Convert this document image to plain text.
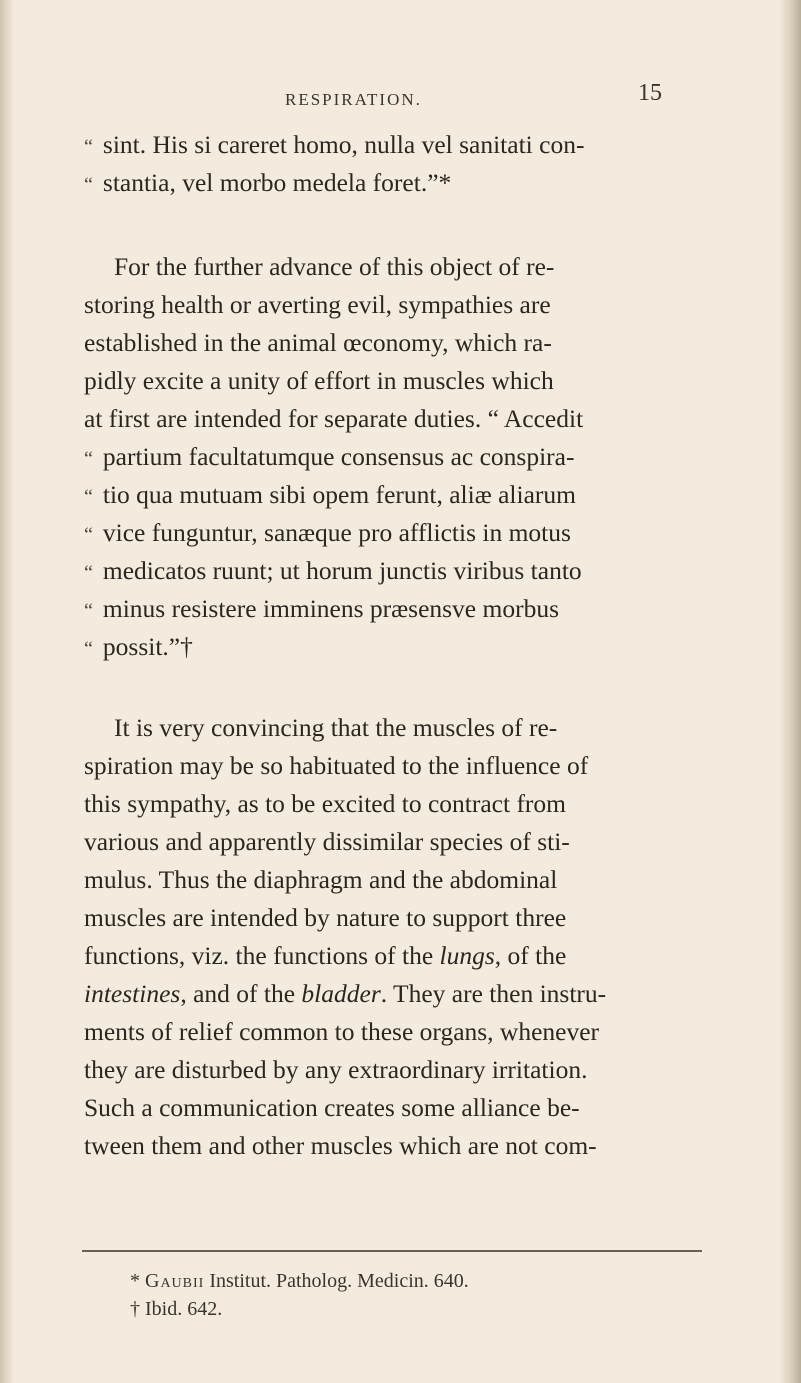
RESPIRATION.	15
“ sint. His si careret homo, nulla vel sanitati con-
“ stantia, vel morbo medela foret.”*
For the further advance of this object of re-
storing health or averting evil, sympathies are
established in the animal œconomy, which ra-
pidly excite a unity of effort in muscles which
at first are intended for separate duties. “ Accedit
“ partium facultatumque consensus ac conspira-
“ tio qua mutuam sibi opem ferunt, aliæ aliarum
“ vice funguntur, sanæque pro afflictis in motus
“ medicatos ruunt; ut horum junctis viribus tanto
“ minus resistere imminens præsensve morbus
“ possit.”†
It is very convincing that the muscles of re-
spiration may be so habituated to the influence of
this sympathy, as to be excited to contract from
various and apparently dissimilar species of sti-
mulus. Thus the diaphragm and the abdominal
muscles are intended by nature to support three
functions, viz. the functions of the lungs, of the
intestines, and of the bladder. They are then instru-
ments of relief common to these organs, whenever
they are disturbed by any extraordinary irritation.
Such a communication creates some alliance be-
tween them and other muscles which are not com-
* Gaubii Institut. Patholog. Medicin. 640.
† Ibid. 642.
